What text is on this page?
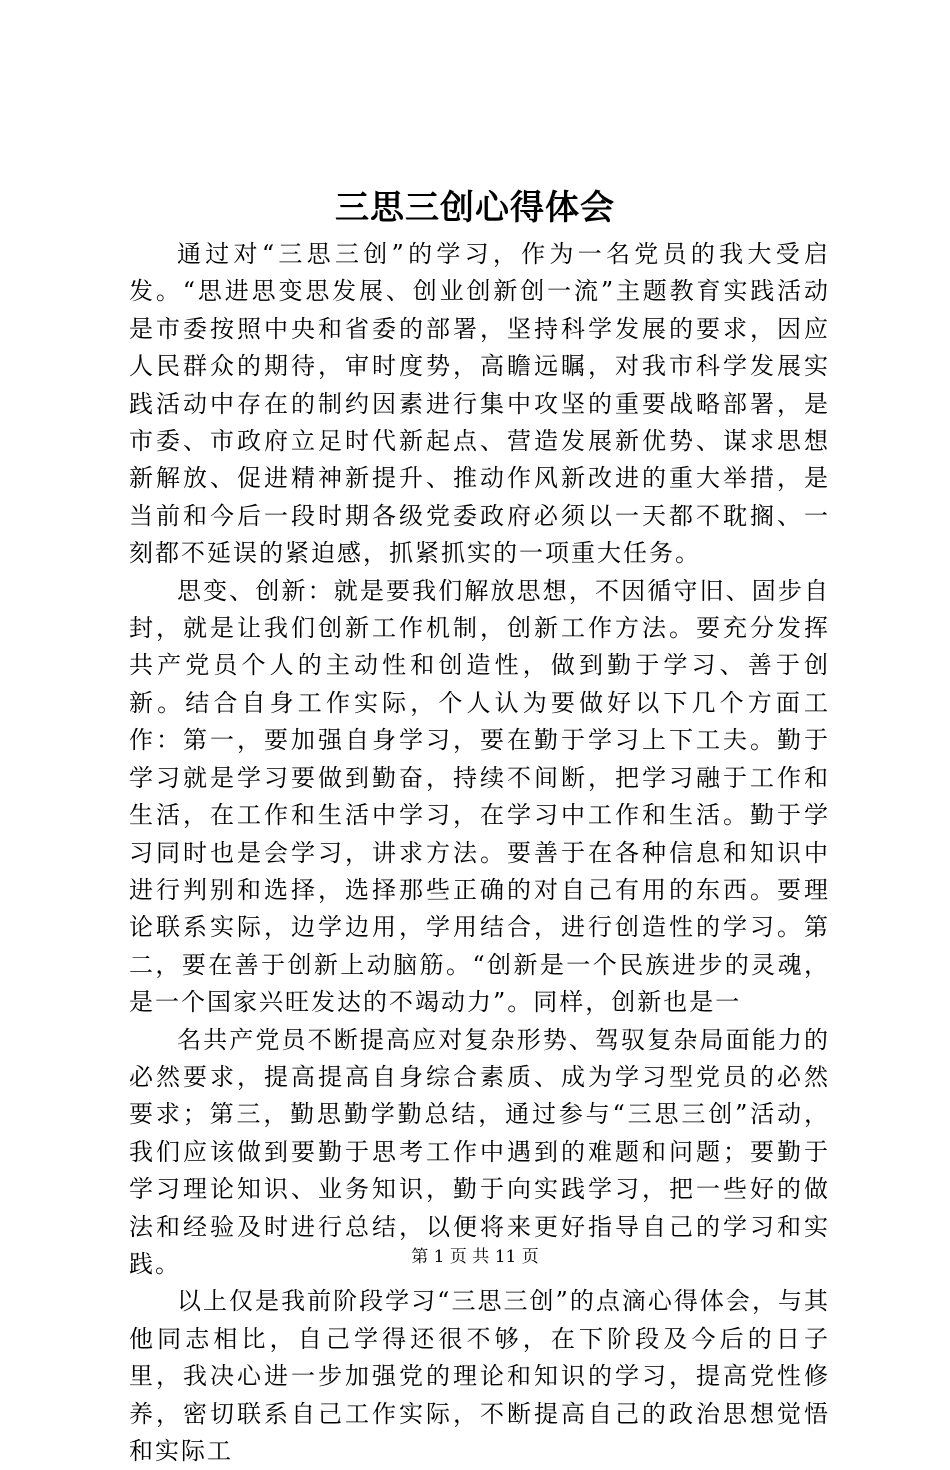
三思三创心得体会

通过对“三思三创”的学习，作为一名党员的我大受启发。“思进思变思发展、创业创新创一流”主题教育实践活动是市委按照中央和省委的部署，坚持科学发展的要求，因应人民群众的期待，审时度势，高瞻远瞩，对我市科学发展实践活动中存在的制约因素进行集中攻坚的重要战略部署，是市委、市政府立足时代新起点、营造发展新优势、谋求思想新解放、促进精神新提升、推动作风新改进的重大举措，是当前和今后一段时期各级党委政府必须以一天都不耽搁、一刻都不延误的紧迫感，抓紧抓实的一项重大任务。

思变、创新：就是要我们解放思想，不因循守旧、固步自封，就是让我们创新工作机制，创新工作方法。要充分发挥共产党员个人的主动性和创造性，做到勤于学习、善于创新。结合自身工作实际，个人认为要做好以下几个方面工作：第一，要加强自身学习，要在勤于学习上下工夫。勤于学习就是学习要做到勤奋，持续不间断，把学习融于工作和生活，在工作和生活中学习，在学习中工作和生活。勤于学习同时也是会学习，讲求方法。要善于在各种信息和知识中进行判别和选择，选择那些正确的对自己有用的东西。要理论联系实际，边学边用，学用结合，进行创造性的学习。第二，要在善于创新上动脑筋。“创新是一个民族进步的灵魂，是一个国家兴旺发达的不竭动力”。同样，创新也是一

名共产党员不断提高应对复杂形势、驾驭复杂局面能力的必然要求，提高提高自身综合素质、成为学习型党员的必然要求；第三，勤思勤学勤总结，通过参与“三思三创”活动，我们应该做到要勤于思考工作中遇到的难题和问题；要勤于学习理论知识、业务知识，勤于向实践学习，把一些好的做法和经验及时进行总结，以便将来更好指导自己的学习和实践。

以上仅是我前阶段学习“三思三创”的点滴心得体会，与其他同志相比，自己学得还很不够，在下阶段及今后的日子里，我决心进一步加强党的理论和知识的学习，提高党性修养，密切联系自己工作实际，不断提高自己的政治思想觉悟和实际工

第 1 页 共 11 页
